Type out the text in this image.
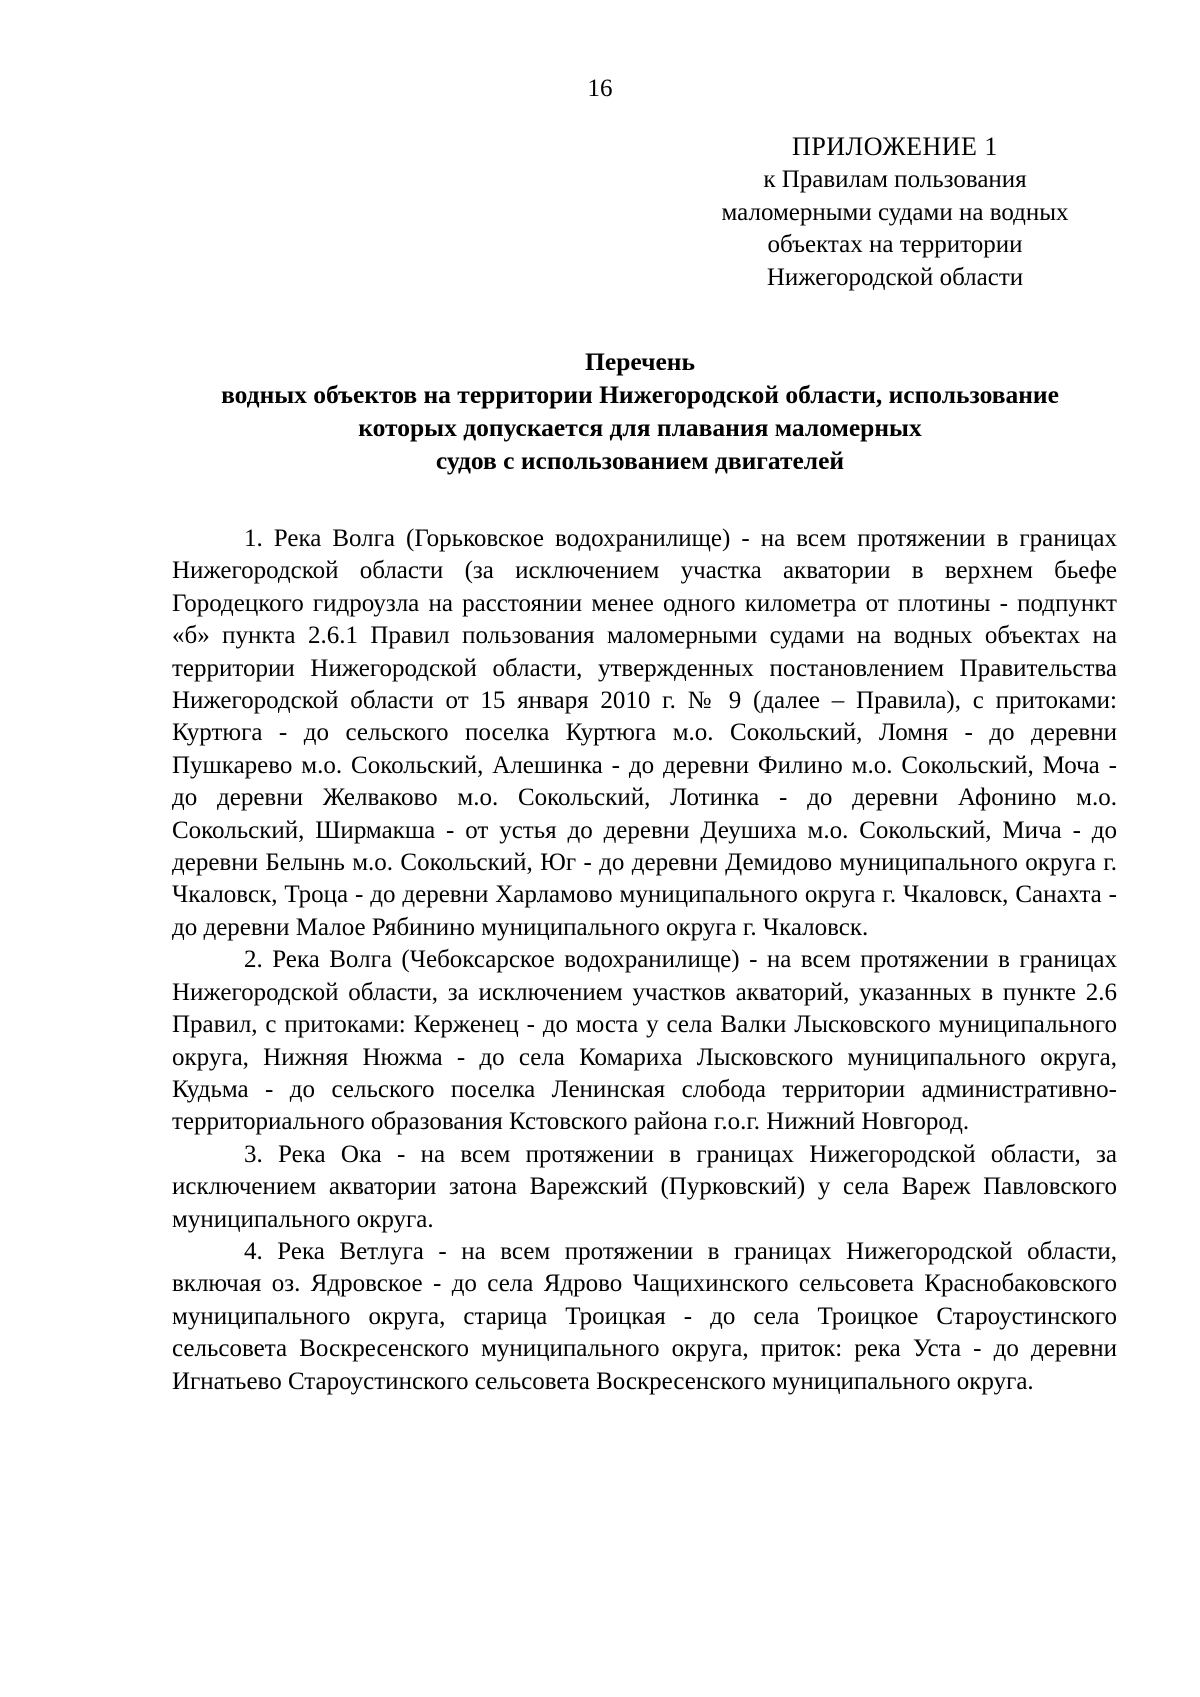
16
ПРИЛОЖЕНИЕ 1
к Правилам пользования
маломерными судами на водных
объектах на территории
Нижегородской области
Перечень
водных объектов на территории Нижегородской области, использование
которых допускается для плавания маломерных
судов с использованием двигателей

1. Река Волга (Горьковское водохранилище) - на всем протяжении в границах Нижегородской области (за исключением участка акватории в верхнем бьефе Городецкого гидроузла на расстоянии менее одного километра от плотины - подпункт «б» пункта 2.6.1 Правил пользования маломерными судами на водных объектах на территории Нижегородской области, утвержденных постановлением Правительства Нижегородской области от 15 января 2010 г. № 9 (далее – Правила), с притоками: Куртюга - до сельского поселка Куртюга м.о. Сокольский, Ломня - до деревни Пушкарево м.о. Сокольский, Алешинка - до деревни Филино м.о. Сокольский, Моча - до деревни Желваково м.о. Сокольский, Лотинка - до деревни Афонино м.о. Сокольский, Ширмакша - от устья до деревни Деушиха м.о. Сокольский, Мича - до деревни Белынь м.о. Сокольский, Юг - до деревни Демидово муниципального округа г. Чкаловск, Троца - до деревни Харламово муниципального округа г. Чкаловск, Санахта - до деревни Малое Рябинино муниципального округа г. Чкаловск.

2. Река Волга (Чебоксарское водохранилище) - на всем протяжении в границах Нижегородской области, за исключением участков акваторий, указанных в пункте 2.6 Правил, с притоками: Керженец - до моста у села Валки Лысковского муниципального округа, Нижняя Нюжма - до села Комариха Лысковского муниципального округа, Кудьма - до сельского поселка Ленинская слобода территории административно-территориального образования Кстовского района г.о.г. Нижний Новгород.

3. Река Ока - на всем протяжении в границах Нижегородской области, за исключением акватории затона Варежский (Пурковский) у села Вареж Павловского муниципального округа.

4. Река Ветлуга - на всем протяжении в границах Нижегородской области, включая оз. Ядровское - до села Ядрово Чащихинского сельсовета Краснобаковского муниципального округа, старица Троицкая - до села Троицкое Староустинского сельсовета Воскресенского муниципального округа, приток: река Уста - до деревни Игнатьево Староустинского сельсовета Воскресенского муниципального округа.
